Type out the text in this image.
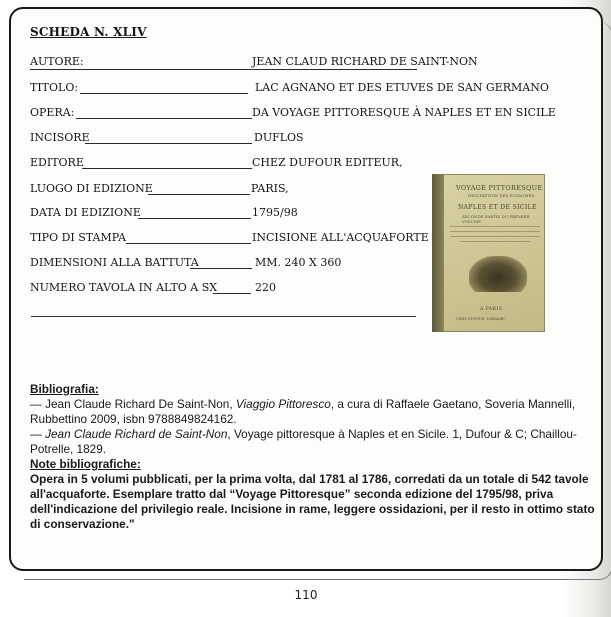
SCHEDA N. XLIV
AUTORE:	JEAN CLAUD RICHARD DE SAINT-NON
TITOLO:	LAC AGNANO ET DES ETUVES DE SAN GERMANO
OPERA:	DA VOYAGE PITTORESQUE À NAPLES ET EN SICILE
INCISORE	DUFLOS
EDITORE	CHEZ DUFOUR EDITEUR,
LUOGO DI EDIZIONE	PARIS,
DATA DI EDIZIONE	1795/98
TIPO DI STAMPA	INCISIONE ALL'ACQUAFORTE
DIMENSIONI ALLA BATTUTA	MM. 240 X 360
NUMERO TAVOLA IN ALTO A SX	220
VOYAGE PITTORESQUE
DESCRIPTION DES ROYAUMES
NAPLES ET DE SICILE
SECONDE PARTIE DU PREMIER VOLUME
A PARIS
CHEZ DUFOUR, LIBRAIRE

Bibliografia:

— Jean Claude Richard De Saint-Non, Viaggio Pittoresco, a cura di Raffaele Gaetano, Soveria Mannelli, Rubbettino 2009, isbn 9788849824162.

— Jean Claude Richard de Saint-Non, Voyage pittoresque à Naples et en Sicile. 1, Dufour & C; Chaillou-Potrelle, 1829.

Note bibliografiche:

Opera in 5 volumi pubblicati, per la prima volta, dal 1781 al 1786, corredati da un totale di 542 tavole all'acquaforte. Esemplare tratto dal “Voyage Pittoresque” seconda edizione del 1795/98, priva dell'indicazione del privilegio reale. Incisione in rame, leggere ossidazioni, per il resto in ottimo stato di conservazione."

110
